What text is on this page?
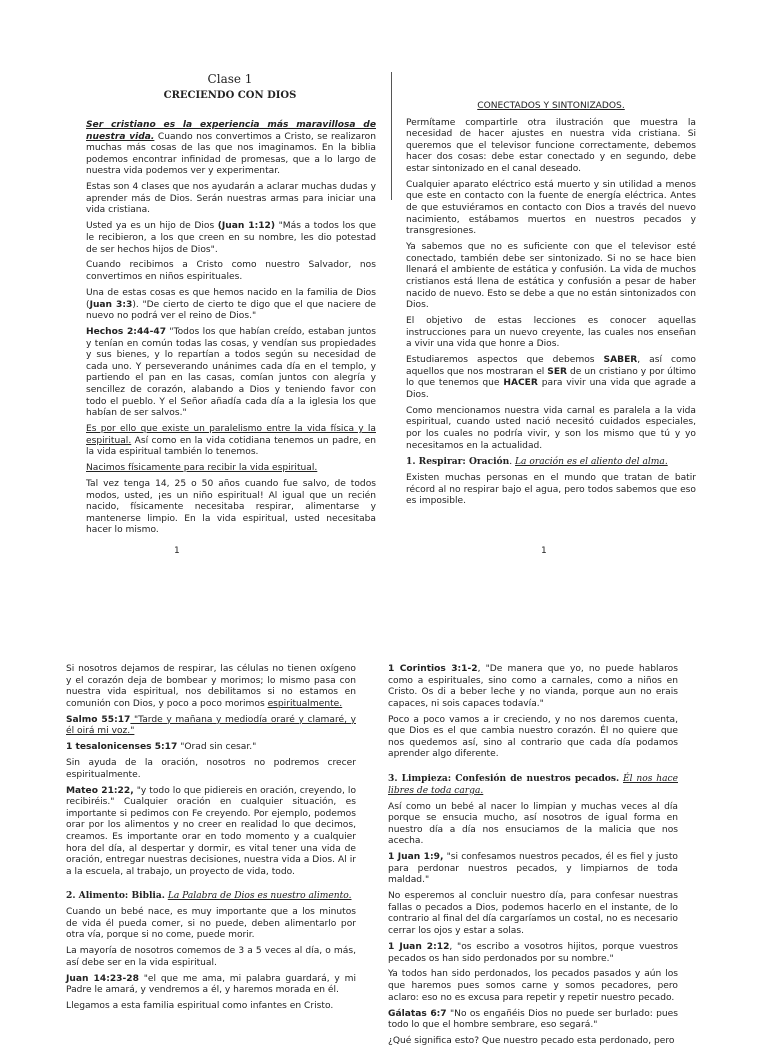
Clase 1
CRECIENDO CON DIOS

Ser cristiano es la experiencia más maravillosa de nuestra vida. Cuando nos convertimos a Cristo, se realizaron muchas más cosas de las que nos imaginamos. En la biblia podemos encontrar infinidad de promesas, que a lo largo de nuestra vida podemos ver y experimentar.

Estas son 4 clases que nos ayudarán a aclarar muchas dudas y aprender más de Dios. Serán nuestras armas para iniciar una vida cristiana.

Usted ya es un hijo de Dios (Juan 1:12) "Más a todos los que le recibieron, a los que creen en su nombre, les dio potestad de ser hechos hijos de Dios".

Cuando recibimos a Cristo como nuestro Salvador, nos convertimos en niños espirituales.

Una de estas cosas es que hemos nacido en la familia de Dios (Juan 3:3). "De cierto de cierto te digo que el que naciere de nuevo no podrá ver el reino de Dios."

Hechos 2:44-47 "Todos los que habían creído, estaban juntos y tenían en común todas las cosas, y vendían sus propiedades y sus bienes, y lo repartían a todos según su necesidad de cada uno. Y perseverando unánimes cada día en el templo, y partiendo el pan en las casas, comían juntos con alegría y sencillez de corazón, alabando a Dios y teniendo favor con todo el pueblo. Y el Señor añadía cada día a la iglesia los que habían de ser salvos."

Es por ello que existe un paralelismo entre la vida física y la espiritual. Así como en la vida cotidiana tenemos un padre, en la vida espiritual también lo tenemos.

Nacimos físicamente para recibir la vida espiritual.

Tal vez tenga 14, 25 o 50 años cuando fue salvo, de todos modos, usted, ¡es un niño espiritual! Al igual que un recién nacido, físicamente necesitaba respirar, alimentarse y mantenerse limpio. En la vida espiritual, usted necesitaba hacer lo mismo.

CONECTADOS Y SINTONIZADOS.

Permítame compartirle otra ilustración que muestra la necesidad de hacer ajustes en nuestra vida cristiana. Si queremos que el televisor funcione correctamente, debemos hacer dos cosas: debe estar conectado y en segundo, debe estar sintonizado en el canal deseado.

Cualquier aparato eléctrico está muerto y sin utilidad a menos que este en contacto con la fuente de energía eléctrica. Antes de que estuviéramos en contacto con Dios a través del nuevo nacimiento, estábamos muertos en nuestros pecados y transgresiones.

Ya sabemos que no es suficiente con que el televisor esté conectado, también debe ser sintonizado. Si no se hace bien llenará el ambiente de estática y confusión. La vida de muchos cristianos está llena de estática y confusión a pesar de haber nacido de nuevo. Esto se debe a que no están sintonizados con Dios.

El objetivo de estas lecciones es conocer aquellas instrucciones para un nuevo creyente, las cuales nos enseñan a vivir una vida que honre a Dios.

Estudiaremos aspectos que debemos SABER, así como aquellos que nos mostraran el SER de un cristiano y por último lo que tenemos que HACER para vivir una vida que agrade a Dios.

Como mencionamos nuestra vida carnal es paralela a la vida espiritual, cuando usted nació necesitó cuidados especiales, por los cuales no podría vivir, y son los mismo que tú y yo necesitamos en la actualidad.

1. Respirar: Oración. La oración es el aliento del alma.

Existen muchas personas en el mundo que tratan de batir récord al no respirar bajo el agua, pero todos sabemos que eso es imposible.

1	1

Si nosotros dejamos de respirar, las células no tienen oxígeno y el corazón deja de bombear y morimos; lo mismo pasa con nuestra vida espiritual, nos debilitamos si no estamos en comunión con Dios, y poco a poco morimos espiritualmente.

Salmo 55:17 "Tarde y mañana y mediodía oraré y clamaré, y él oirá mi voz."

1 tesalonicenses 5:17 "Orad sin cesar."

Sin ayuda de la oración, nosotros no podremos crecer espiritualmente.

Mateo 21:22, "y todo lo que pidiereis en oración, creyendo, lo recibiréis." Cualquier oración en cualquier situación, es importante si pedimos con Fe creyendo. Por ejemplo, podemos orar por los alimentos y no creer en realidad lo que decimos, creamos. Es importante orar en todo momento y a cualquier hora del día, al despertar y dormir, es vital tener una vida de oración, entregar nuestras decisiones, nuestra vida a Dios. Al ir a la escuela, al trabajo, un proyecto de vida, todo.

2. Alimento: Biblia. La Palabra de Dios es nuestro alimento.

Cuando un bebé nace, es muy importante que a los minutos de vida él pueda comer, si no puede, deben alimentarlo por otra vía, porque si no come, puede morir.

La mayoría de nosotros comemos de 3 a 5 veces al día, o más, así debe ser en la vida espiritual.

Juan 14:23-28 "el que me ama, mi palabra guardará, y mi Padre le amará, y vendremos a él, y haremos morada en él.

Llegamos a esta familia espiritual como infantes en Cristo.

1 Corintios 3:1-2, "De manera que yo, no puede hablaros como a espirituales, sino como a carnales, como a niños en Cristo. Os di a beber leche y no vianda, porque aun no erais capaces, ni sois capaces todavía."

Poco a poco vamos a ir creciendo, y no nos daremos cuenta, que Dios es el que cambia nuestro corazón. Él no quiere que nos quedemos así, sino al contrario que cada día podamos aprender algo diferente.

3. Limpieza: Confesión de nuestros pecados. Él nos hace libres de toda carga.

Así como un bebé al nacer lo limpian y muchas veces al día porque se ensucia mucho, así nosotros de igual forma en nuestro día a día nos ensuciamos de la malicia que nos acecha.

1 Juan 1:9, "si confesamos nuestros pecados, él es fiel y justo para perdonar nuestros pecados, y limpiarnos de toda maldad."

No esperemos al concluir nuestro día, para confesar nuestras fallas o pecados a Dios, podemos hacerlo en el instante, de lo contrario al final del día cargaríamos un costal, no es necesario cerrar los ojos y estar a solas.

1 Juan 2:12, "os escribo a vosotros hijitos, porque vuestros pecados os han sido perdonados por su nombre."

Ya todos han sido perdonados, los pecados pasados y aún los que haremos pues somos carne y somos pecadores, pero aclaro: eso no es excusa para repetir y repetir nuestro pecado.

Gálatas 6:7 "No os engañéis Dios no puede ser burlado: pues todo lo que el hombre sembrare, eso segará."

¿Qué significa esto? Que nuestro pecado esta perdonado, pero
